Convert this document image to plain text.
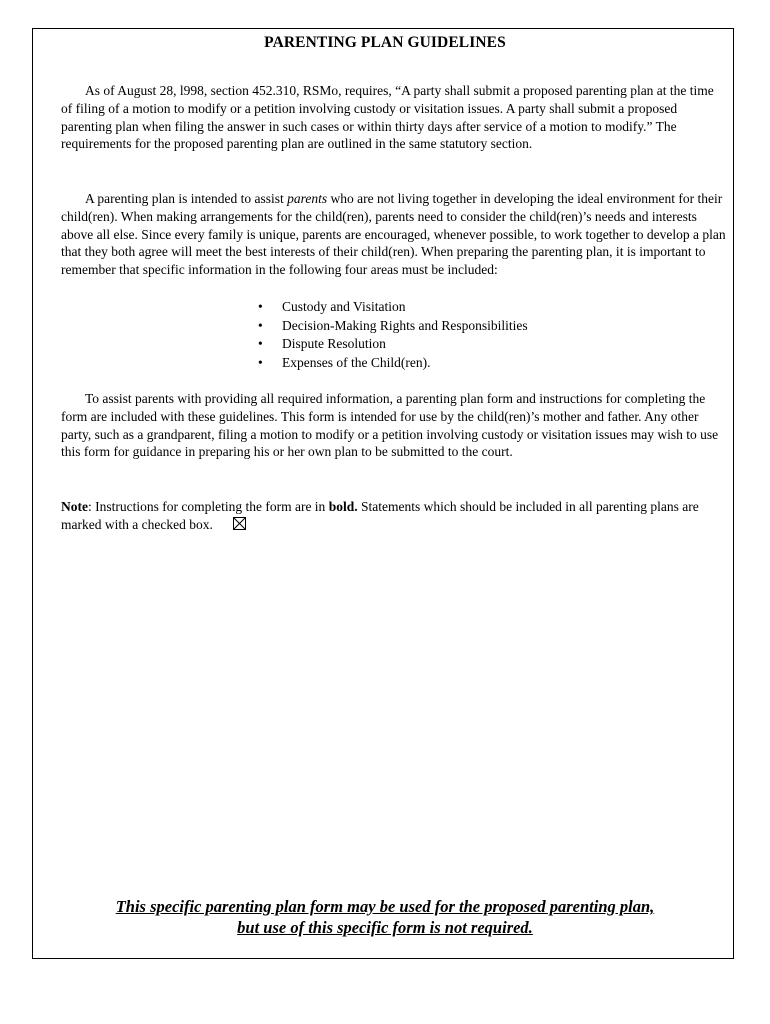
PARENTING PLAN GUIDELINES

As of August 28, l998, section 452.310, RSMo, requires, “A party shall submit a proposed parenting plan at the time of filing of a motion to modify or a petition involving custody or visitation issues. A party shall submit a proposed parenting plan when filing the answer in such cases or within thirty days after service of a motion to modify.” The requirements for the proposed parenting plan are outlined in the same statutory section.

A parenting plan is intended to assist parents who are not living together in developing the ideal environment for their child(ren). When making arrangements for the child(ren), parents need to consider the child(ren)’s needs and interests above all else. Since every family is unique, parents are encouraged, whenever possible, to work together to develop a plan that they both agree will meet the best interests of their child(ren). When preparing the parenting plan, it is important to remember that specific information in the following four areas must be included:

• Custody and Visitation
• Decision-Making Rights and Responsibilities
• Dispute Resolution
• Expenses of the Child(ren).

To assist parents with providing all required information, a parenting plan form and instructions for completing the form are included with these guidelines. This form is intended for use by the child(ren)’s mother and father. Any other party, such as a grandparent, filing a motion to modify or a petition involving custody or visitation issues may wish to use this form for guidance in preparing his or her own plan to be submitted to the court.

Note: Instructions for completing the form are in bold. Statements which should be included in all parenting plans are marked with a checked box.

This specific parenting plan form may be used for the proposed parenting plan,
but use of this specific form is not required.
